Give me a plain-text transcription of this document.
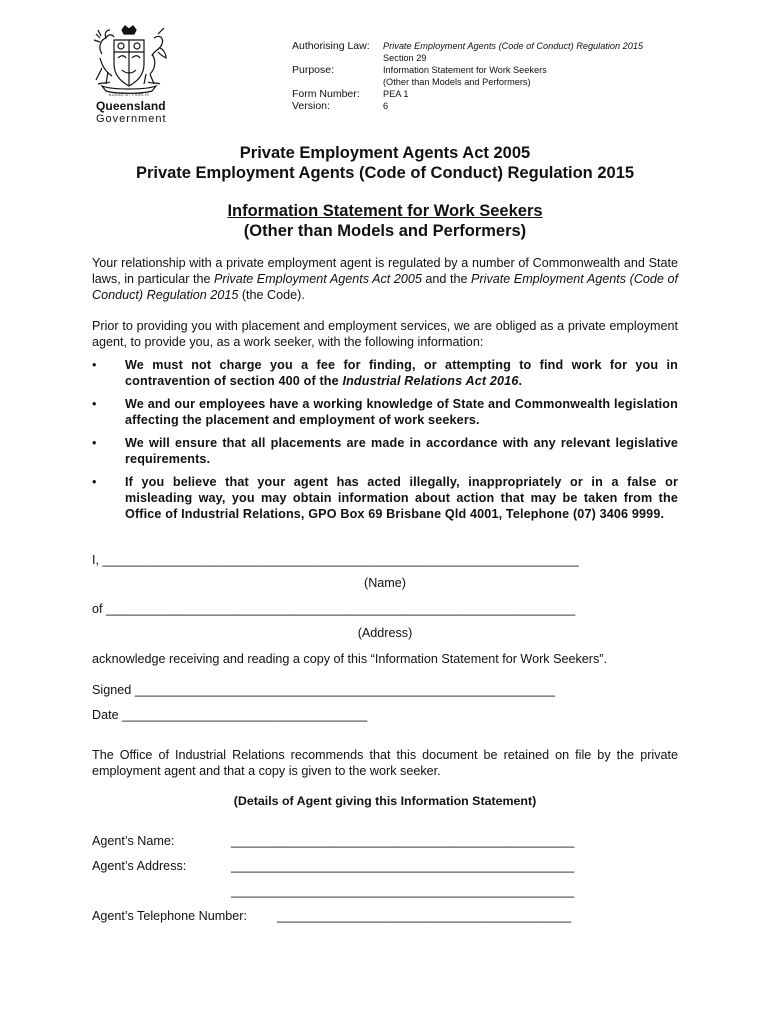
AUDAX AT FIDELIS
Queensland
Government
Authorising Law:	Private Employment Agents (Code of Conduct) Regulation 2015
	Section 29
Purpose:	Information Statement for Work Seekers
	(Other than Models and Performers)
Form Number:	PEA 1
Version:	6
Private Employment Agents Act 2005
Private Employment Agents (Code of Conduct) Regulation 2015
Information Statement for Work Seekers
(Other than Models and Performers)
Your relationship with a private employment agent is regulated by a number of Commonwealth and State laws, in particular the Private Employment Agents Act 2005 and the Private Employment Agents (Code of Conduct) Regulation 2015 (the Code).
Prior to providing you with placement and employment services, we are obliged as a private employment agent, to provide you, as a work seeker, with the following information:
• We must not charge you a fee for finding, or attempting to find work for you in contravention of section 400 of the Industrial Relations Act 2016.
• We and our employees have a working knowledge of State and Commonwealth legislation affecting the placement and employment of work seekers.
• We will ensure that all placements are made in accordance with any relevant legislative requirements.
• If you believe that your agent has acted illegally, inappropriately or in a false or misleading way, you may obtain information about action that may be taken from the Office of Industrial Relations, GPO Box 69 Brisbane Qld 4001, Telephone (07) 3406 9999.
I, ____________________________________________________________________
(Name)
of ___________________________________________________________________
(Address)
acknowledge receiving and reading a copy of this “Information Statement for Work Seekers”.
Signed ____________________________________________________________
Date ___________________________________
The Office of Industrial Relations recommends that this document be retained on file by the private employment agent and that a copy is given to the work seeker.
(Details of Agent giving this Information Statement)
Agent’s Name:	_________________________________________________
Agent’s Address:	_________________________________________________
_________________________________________________
Agent’s Telephone Number: __________________________________________
